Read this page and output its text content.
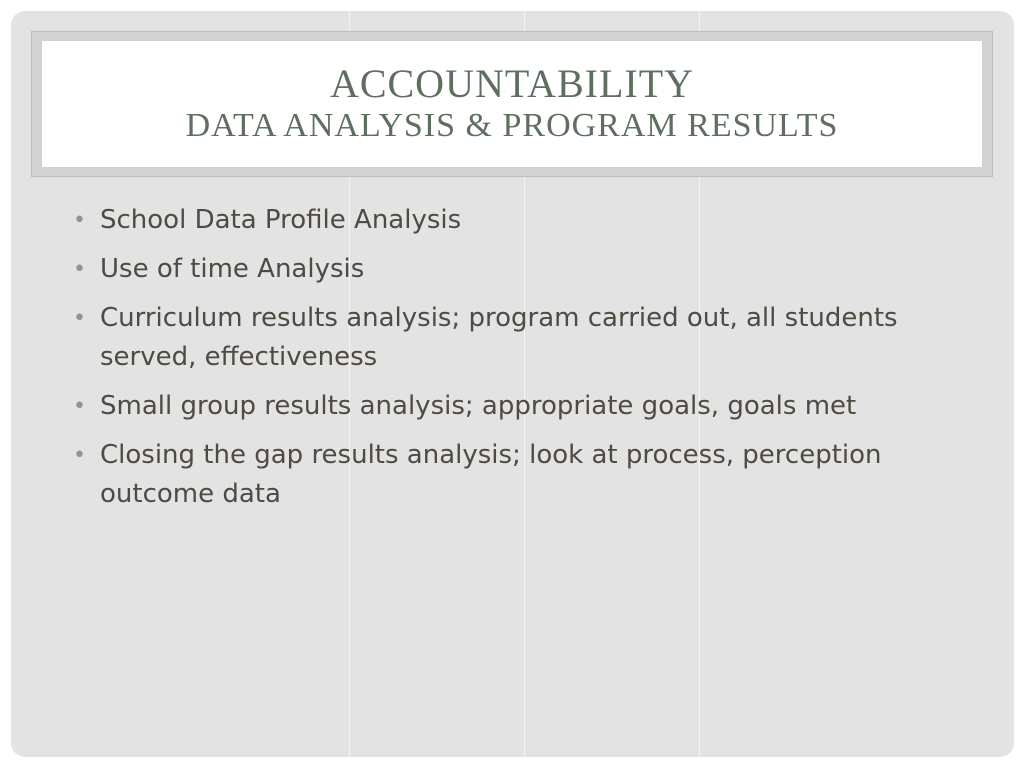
ACCOUNTABILITY
DATA ANALYSIS & PROGRAM RESULTS
• School Data Profile Analysis
• Use of time Analysis
• Curriculum results analysis; program carried out, all students served, effectiveness
• Small group results analysis; appropriate goals, goals met
• Closing the gap results analysis; look at process, perception outcome data
